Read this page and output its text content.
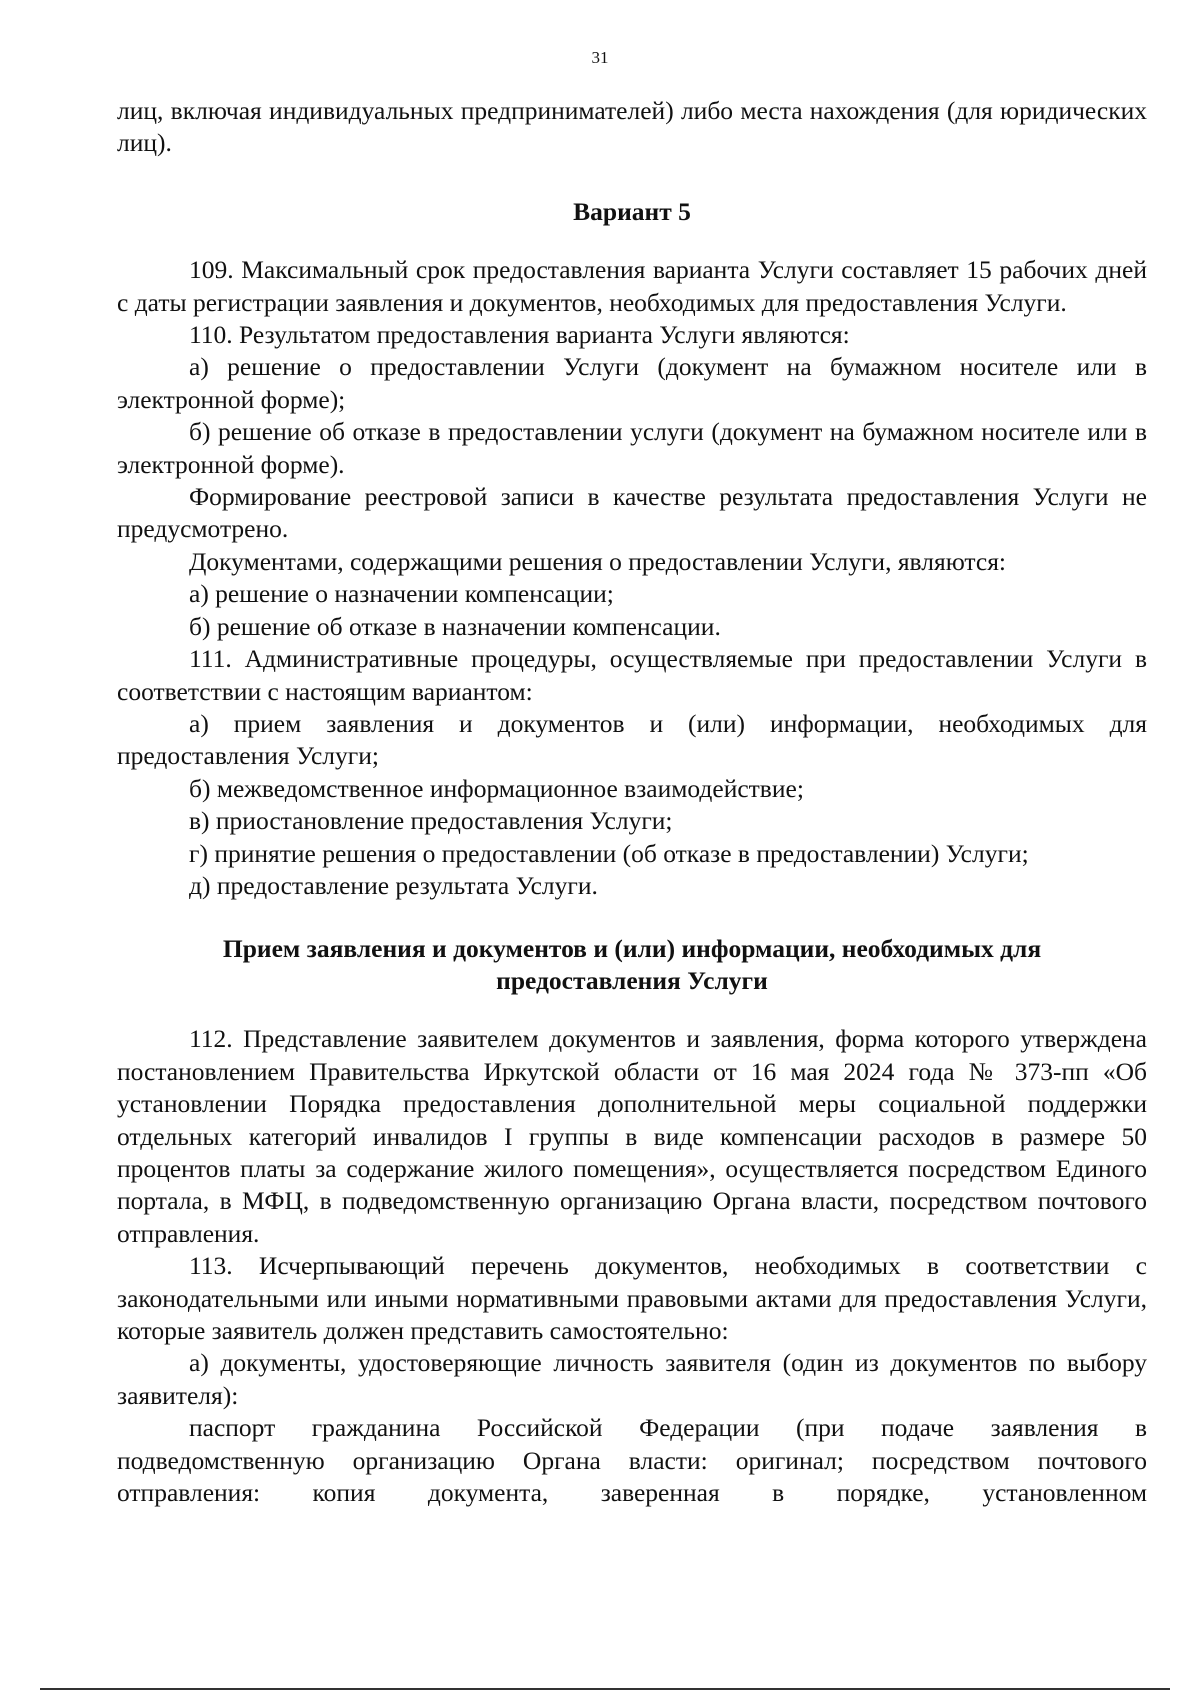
31

лиц, включая индивидуальных предпринимателей) либо места нахождения (для юридических лиц).

Вариант 5

109. Максимальный срок предоставления варианта Услуги составляет 15 рабочих дней с даты регистрации заявления и документов, необходимых для предоставления Услуги.

110. Результатом предоставления варианта Услуги являются:

а) решение о предоставлении Услуги (документ на бумажном носителе или в электронной форме);

б) решение об отказе в предоставлении услуги (документ на бумажном носителе или в электронной форме).

Формирование реестровой записи в качестве результата предоставления Услуги не предусмотрено.

Документами, содержащими решения о предоставлении Услуги, являются:

а) решение о назначении компенсации;

б) решение об отказе в назначении компенсации.

111. Административные процедуры, осуществляемые при предоставлении Услуги в соответствии с настоящим вариантом:

а) прием заявления и документов и (или) информации, необходимых для предоставления Услуги;

б) межведомственное информационное взаимодействие;

в) приостановление предоставления Услуги;

г) принятие решения о предоставлении (об отказе в предоставлении) Услуги;

д) предоставление результата Услуги.

Прием заявления и документов и (или) информации, необходимых для
предоставления Услуги

112. Представление заявителем документов и заявления, форма которого утверждена постановлением Правительства Иркутской области от 16 мая 2024 года № 373-пп «Об установлении Порядка предоставления дополнительной меры социальной поддержки отдельных категорий инвалидов I группы в виде компенсации расходов в размере 50 процентов платы за содержание жилого помещения», осуществляется посредством Единого портала, в МФЦ, в подведомственную организацию Органа власти, посредством почтового отправления.

113. Исчерпывающий перечень документов, необходимых в соответствии с законодательными или иными нормативными правовыми актами для предоставления Услуги, которые заявитель должен представить самостоятельно:

а) документы, удостоверяющие личность заявителя (один из документов по выбору заявителя):

паспорт гражданина Российской Федерации (при подаче заявления в подведомственную организацию Органа власти: оригинал; посредством почтового отправления: копия документа, заверенная в порядке, установленном
